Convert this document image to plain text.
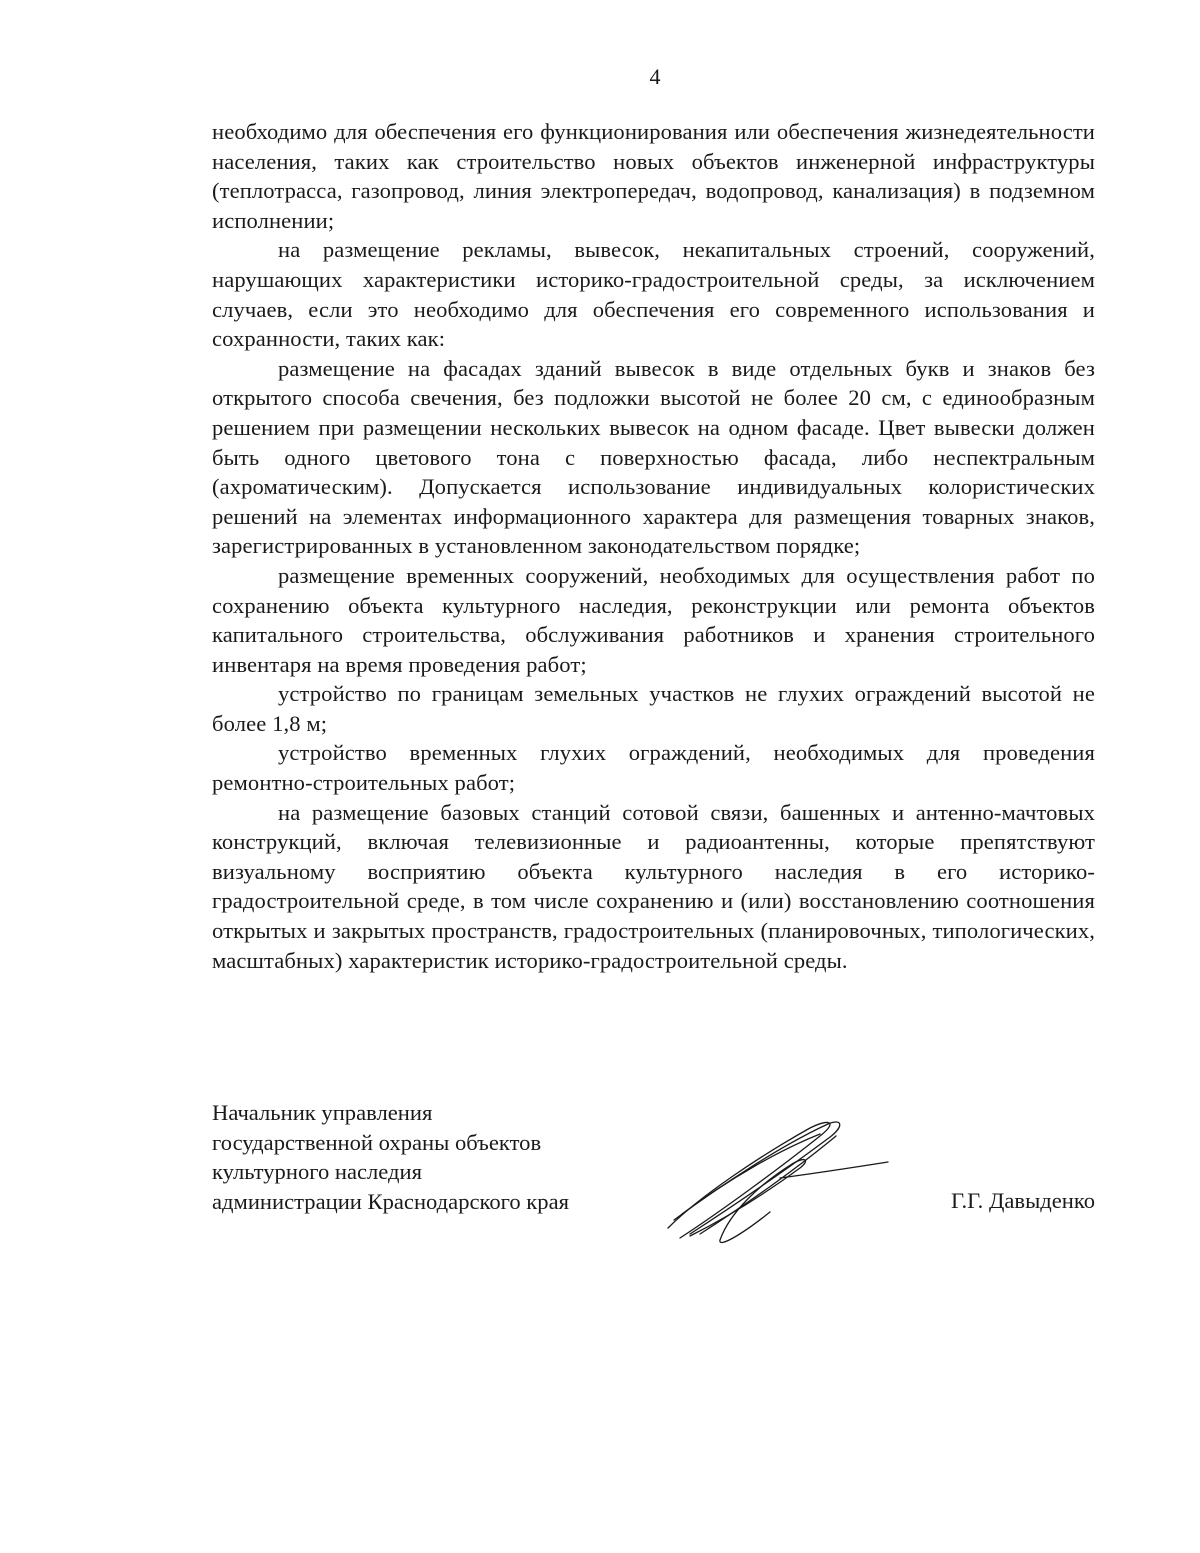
4

необходимо для обеспечения его функционирования или обеспечения жизнедеятельности населения, таких как строительство новых объектов инженерной инфраструктуры (теплотрасса, газопровод, линия электропередач, водопровод, канализация) в подземном исполнении;

на размещение рекламы, вывесок, некапитальных строений, сооружений, нарушающих характеристики историко-градостроительной среды, за исключением случаев, если это необходимо для обеспечения его современного использования и сохранности, таких как:

размещение на фасадах зданий вывесок в виде отдельных букв и знаков без открытого способа свечения, без подложки высотой не более 20 см, с единообразным решением при размещении нескольких вывесок на одном фасаде. Цвет вывески должен быть одного цветового тона с поверхностью фасада, либо неспектральным (ахроматическим). Допускается использование индивидуальных колористических решений на элементах информационного характера для размещения товарных знаков, зарегистрированных в установленном законодательством порядке;

размещение временных сооружений, необходимых для осуществления работ по сохранению объекта культурного наследия, реконструкции или ремонта объектов капитального строительства, обслуживания работников и хранения строительного инвентаря на время проведения работ;

устройство по границам земельных участков не глухих ограждений высотой не более 1,8 м;

устройство временных глухих ограждений, необходимых для проведения ремонтно-строительных работ;

на размещение базовых станций сотовой связи, башенных и антенно-мачтовых конструкций, включая телевизионные и радиоантенны, которые препятствуют визуальному восприятию объекта культурного наследия в его историко-градостроительной среде, в том числе сохранению и (или) восстановлению соотношения открытых и закрытых пространств, градостроительных (планировочных, типологических, масштабных) характеристик историко-градостроительной среды.

Начальник управления
государственной охраны объектов
культурного наследия
администрации Краснодарского края	Г.Г. Давыденко
